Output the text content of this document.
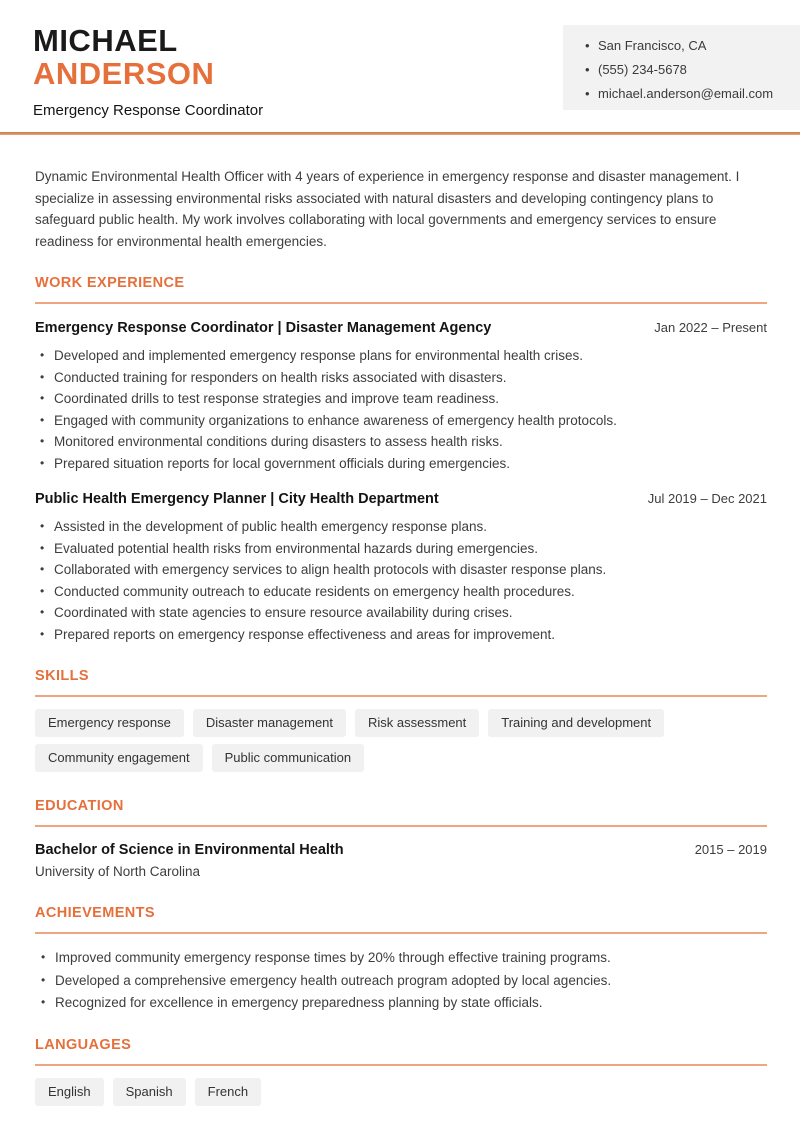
MICHAEL
ANDERSON
Emergency Response Coordinator
• San Francisco, CA
• (555) 234-5678
• michael.anderson@email.com

Dynamic Environmental Health Officer with 4 years of experience in emergency response and disaster management. I specialize in assessing environmental risks associated with natural disasters and developing contingency plans to safeguard public health. My work involves collaborating with local governments and emergency services to ensure readiness for environmental health emergencies.

WORK EXPERIENCE
Emergency Response Coordinator | Disaster Management Agency	Jan 2022 – Present
• Developed and implemented emergency response plans for environmental health crises.
• Conducted training for responders on health risks associated with disasters.
• Coordinated drills to test response strategies and improve team readiness.
• Engaged with community organizations to enhance awareness of emergency health protocols.
• Monitored environmental conditions during disasters to assess health risks.
• Prepared situation reports for local government officials during emergencies.
Public Health Emergency Planner | City Health Department	Jul 2019 – Dec 2021
• Assisted in the development of public health emergency response plans.
• Evaluated potential health risks from environmental hazards during emergencies.
• Collaborated with emergency services to align health protocols with disaster response plans.
• Conducted community outreach to educate residents on emergency health procedures.
• Coordinated with state agencies to ensure resource availability during crises.
• Prepared reports on emergency response effectiveness and areas for improvement.
SKILLS
Emergency response	Disaster management	Risk assessment	Training and development
Community engagement	Public communication
EDUCATION
Bachelor of Science in Environmental Health	2015 – 2019
University of North Carolina
ACHIEVEMENTS
• Improved community emergency response times by 20% through effective training programs.
• Developed a comprehensive emergency health outreach program adopted by local agencies.
• Recognized for excellence in emergency preparedness planning by state officials.
LANGUAGES
English	Spanish	French
